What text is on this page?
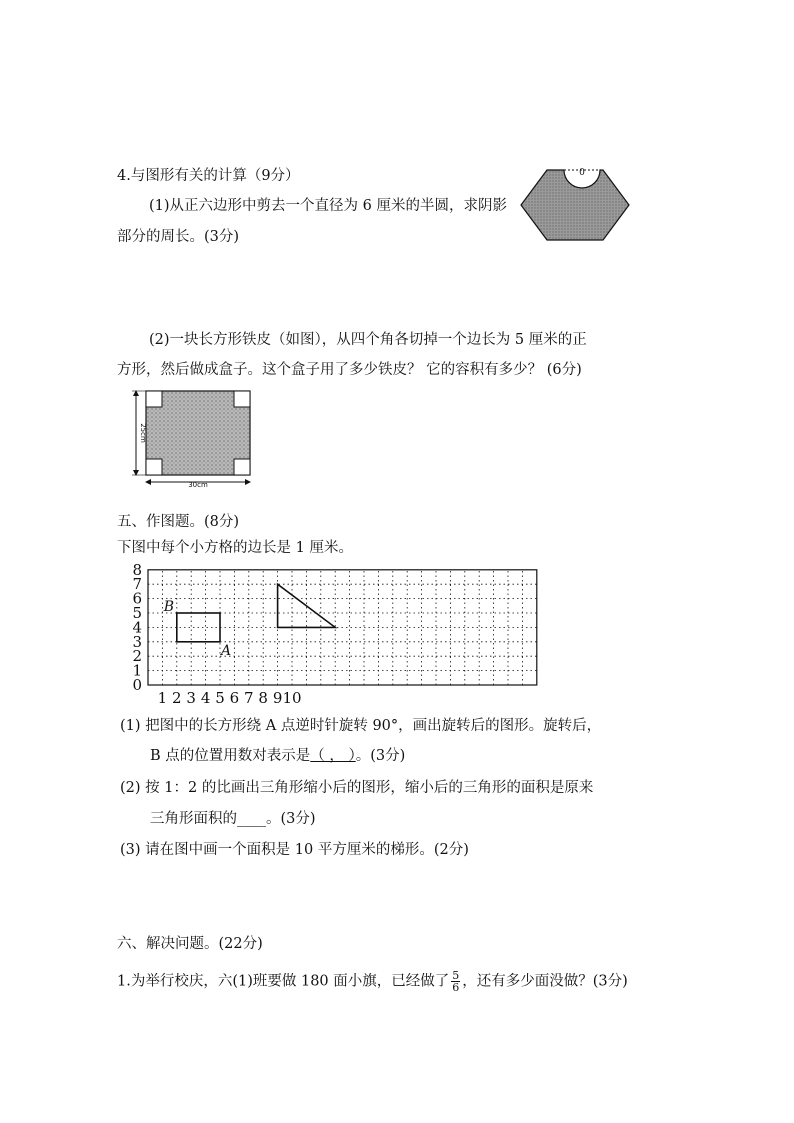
4.与图形有关的计算（9分）
(1)从正六边形中剪去一个直径为 6 厘米的半圆，求阴影
部分的周长。(3分)
0
(2)一块长方形铁皮（如图），从四个角各切掉一个边长为 5 厘米的正
方形，然后做成盒子。这个盒子用了多少铁皮？ 它的容积有多少？ (6分)
25cm
30cm
五、作图题。(8分)
下图中每个小方格的边长是 1 厘米。
8
7
6
5
4
3
2
1
0
1 2 3 4 5 6 7 8 9 10
B
A
(1) 把图中的长方形绕 A 点逆时针旋转 90°，画出旋转后的图形。旋转后，
B 点的位置用数对表示是（ ， ）。(3分)
(2) 按 1：2 的比画出三角形缩小后的图形，缩小后的三角形的面积是原来
三角形面积的____。(3分)
(3) 请在图中画一个面积是 10 平方厘米的梯形。(2分)
六、解决问题。(22分)
1.为举行校庆，六(1)班要做 180 面小旗，已经做了 $\frac{5}{6}$ ，还有多少面没做？(3分)
